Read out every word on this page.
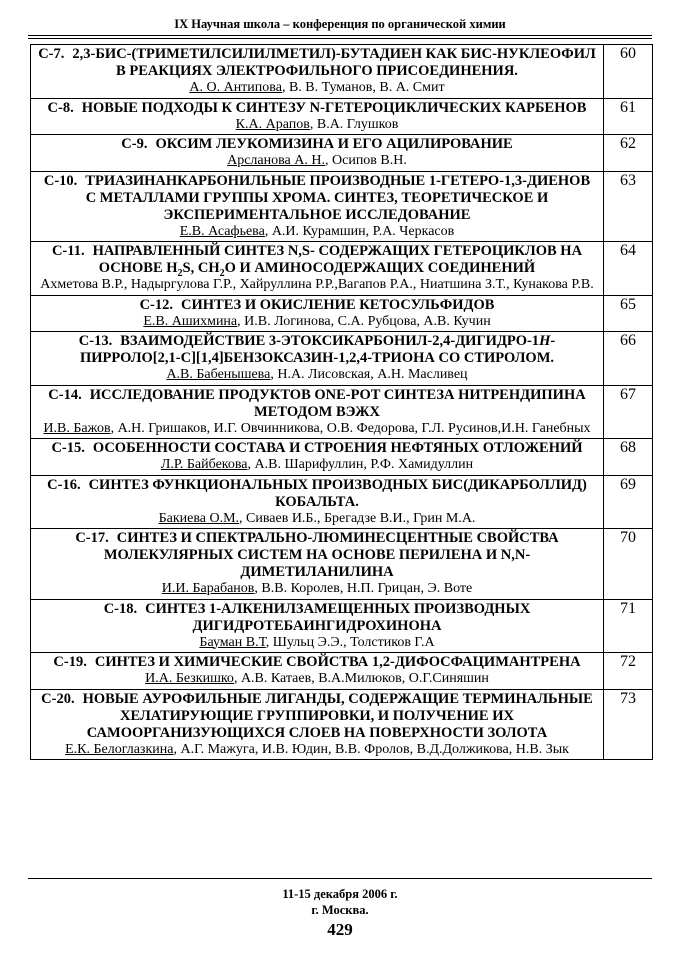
IX Научная школа – конференция по органической химии
С-7. 2,3-БИС-(ТРИМЕТИЛСИЛИЛМЕТИЛ)-БУТАДИЕН КАК БИС-НУКЛЕОФИЛ В РЕАКЦИЯХ ЭЛЕКТРОФИЛЬНОГО ПРИСОЕДИНЕНИЯ.
А. О. Антипова, В. В. Туманов, В. А. Смит	60

С-8. НОВЫЕ ПОДХОДЫ К СИНТЕЗУ N-ГЕТЕРОЦИКЛИЧЕСКИХ КАРБЕНОВ
К.А. Арапов, В.А. Глушков	61

С-9. ОКСИМ ЛЕУКОМИЗИНА И ЕГО АЦИЛИРОВАНИЕ
Арсланова А. Н., Осипов В.Н.	62

С-10. ТРИАЗИНАНКАРБОНИЛЬНЫЕ ПРОИЗВОДНЫЕ 1-ГЕТЕРО-1,3-ДИЕНОВ С МЕТАЛЛАМИ ГРУППЫ ХРОМА. СИНТЕЗ, ТЕОРЕТИЧЕСКОЕ И ЭКСПЕРИМЕНТАЛЬНОЕ ИССЛЕДОВАНИЕ
Е.В. Асафьева, А.И. Курамшин, Р.А. Черкасов	63

С-11. НАПРАВЛЕННЫЙ СИНТЕЗ N,S- СОДЕРЖАЩИХ ГЕТЕРОЦИКЛОВ НА ОСНОВЕ $H_2S$, $CH_2O$ И АМИНОСОДЕРЖАЩИХ СОЕДИНЕНИЙ
Ахметова В.Р., Надыргулова Г.Р., Хайруллина Р.Р.,Вагапов Р.А., Ниатшина З.Т., Кунакова Р.В.	64

С-12. СИНТЕЗ И ОКИСЛЕНИЕ КЕТОСУЛЬФИДОВ
Е.В. Ашихмина, И.В. Логинова, С.А. Рубцова, А.В. Кучин	65

С-13. ВЗАИМОДЕЙСТВИЕ 3-ЭТОКСИКАРБОНИЛ-2,4-ДИГИДРО-1H-ПИРРОЛО[2,1-C][1,4]БЕНЗОКСАЗИН-1,2,4-ТРИОНА СО СТИРОЛОМ.
А.В. Бабенышева, Н.А. Лисовская, А.Н. Масливец	66

С-14. ИССЛЕДОВАНИЕ ПРОДУКТОВ ONE-POT СИНТЕЗА НИТРЕНДИПИНА МЕТОДОМ ВЭЖХ
И.В. Бажов, А.Н. Гришаков, И.Г. Овчинникова, О.В. Федорова, Г.Л. Русинов,И.Н. Ганебных	67

С-15. ОСОБЕННОСТИ СОСТАВА И СТРОЕНИЯ НЕФТЯНЫХ ОТЛОЖЕНИЙ
Л.Р. Байбекова, А.В. Шарифуллин, Р.Ф. Хамидуллин	68

С-16. СИНТЕЗ ФУНКЦИОНАЛЬНЫХ ПРОИЗВОДНЫХ БИС(ДИКАРБОЛЛИД) КОБАЛЬТА.
Бакиева О.М., Сиваев И.Б., Брегадзе В.И., Грин М.А.	69

С-17. СИНТЕЗ И СПЕКТРАЛЬНО-ЛЮМИНЕСЦЕНТНЫЕ СВОЙСТВА МОЛЕКУЛЯРНЫХ СИСТЕМ НА ОСНОВЕ ПЕРИЛЕНА И N,N-ДИМЕТИЛАНИЛИНА
И.И. Барабанов, В.В. Королев, Н.П. Грицан, Э. Воте	70

С-18. СИНТЕЗ 1-АЛКЕНИЛЗАМЕЩЕННЫХ ПРОИЗВОДНЫХ ДИГИДРОТЕБАИНГИДРОХИНОНА
Бауман В.Т, Шульц Э.Э., Толстиков Г.А	71

С-19. СИНТЕЗ И ХИМИЧЕСКИЕ СВОЙСТВА 1,2-ДИФОСФАЦИМАНТРЕНА
И.А. Безкишко, А.В. Катаев, В.А.Милюков, О.Г.Синяшин	72

С-20. НОВЫЕ АУРОФИЛЬНЫЕ ЛИГАНДЫ, СОДЕРЖАЩИЕ ТЕРМИНАЛЬНЫЕ ХЕЛАТИРУЮЩИЕ ГРУППИРОВКИ, И ПОЛУЧЕНИЕ ИХ САМООРГАНИЗУЮЩИХСЯ СЛОЕВ НА ПОВЕРХНОСТИ ЗОЛОТА
Е.К. Белоглазкина, А.Г. Мажуга, И.В. Юдин, В.В. Фролов, В.Д.Должикова, Н.В. Зык	73
11-15 декабря 2006 г.
г. Москва.
429
